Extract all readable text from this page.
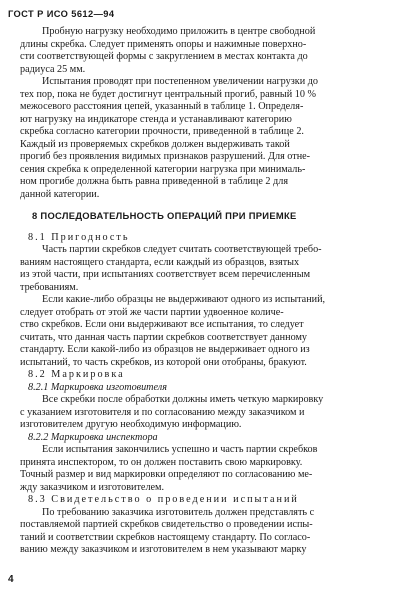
ГОСТ Р ИСО 5612—94

Пробную нагрузку необходимо приложить в центре свободной

длины скребка. Следует применять опоры и нажимные поверхно-

сти соответствующей формы с закруглением в местах контакта до

радиуса 25 мм.

Испытания проводят при постепенном увеличении нагрузки до

тех пор, пока не будет достигнут центральный прогиб, равный 10 %

межосевого расстояния цепей, указанный в таблице 1. Определя-

ют нагрузку на индикаторе стенда и устанавливают категорию

скребка согласно категории прочности, приведенной в таблице 2.

Каждый из проверяемых скребков должен выдерживать такой

прогиб без проявления видимых признаков разрушений. Для отне-

сения скребка к определенной категории нагрузка при минималь-

ном прогибе должна быть равна приведенной в таблице 2 для

данной категории.

8 ПОСЛЕДОВАТЕЛЬНОСТЬ ОПЕРАЦИЙ ПРИ ПРИЕМКЕ

8.1 Пригодность

Часть партии скребков следует считать соответствующей требо-

ваниям настоящего стандарта, если каждый из образцов, взятых

из этой части, при испытаниях соответствует всем перечисленным

требованиям.

Если какие-либо образцы не выдерживают одного из испытаний,

следует отобрать от этой же части партии удвоенное количе-

ство скребков. Если они выдерживают все испытания, то следует

считать, что данная часть партии скребков соответствует данному

стандарту. Если какой-либо из образцов не выдерживает одного из

испытаний, то часть скребков, из которой они отобраны, бракуют.

8.2 Маркировка

8.2.1 Маркировка изготовителя

Все скребки после обработки должны иметь четкую маркировку

с указанием изготовителя и по согласованию между заказчиком и

изготовителем другую необходимую информацию.

8.2.2 Маркировка инспектора

Если испытания закончились успешно и часть партии скребков

принята инспектором, то он должен поставить свою маркировку.

Точный размер и вид маркировки определяют по согласованию ме-

жду заказчиком и изготовителем.

8.3 Свидетельство о проведении испытаний

По требованию заказчика изготовитель должен представлять с

поставляемой партией скребков свидетельство о проведении испы-

таний и соответствии скребков настоящему стандарту. По согласо-

ванию между заказчиком и изготовителем в нем указывают марку

4
